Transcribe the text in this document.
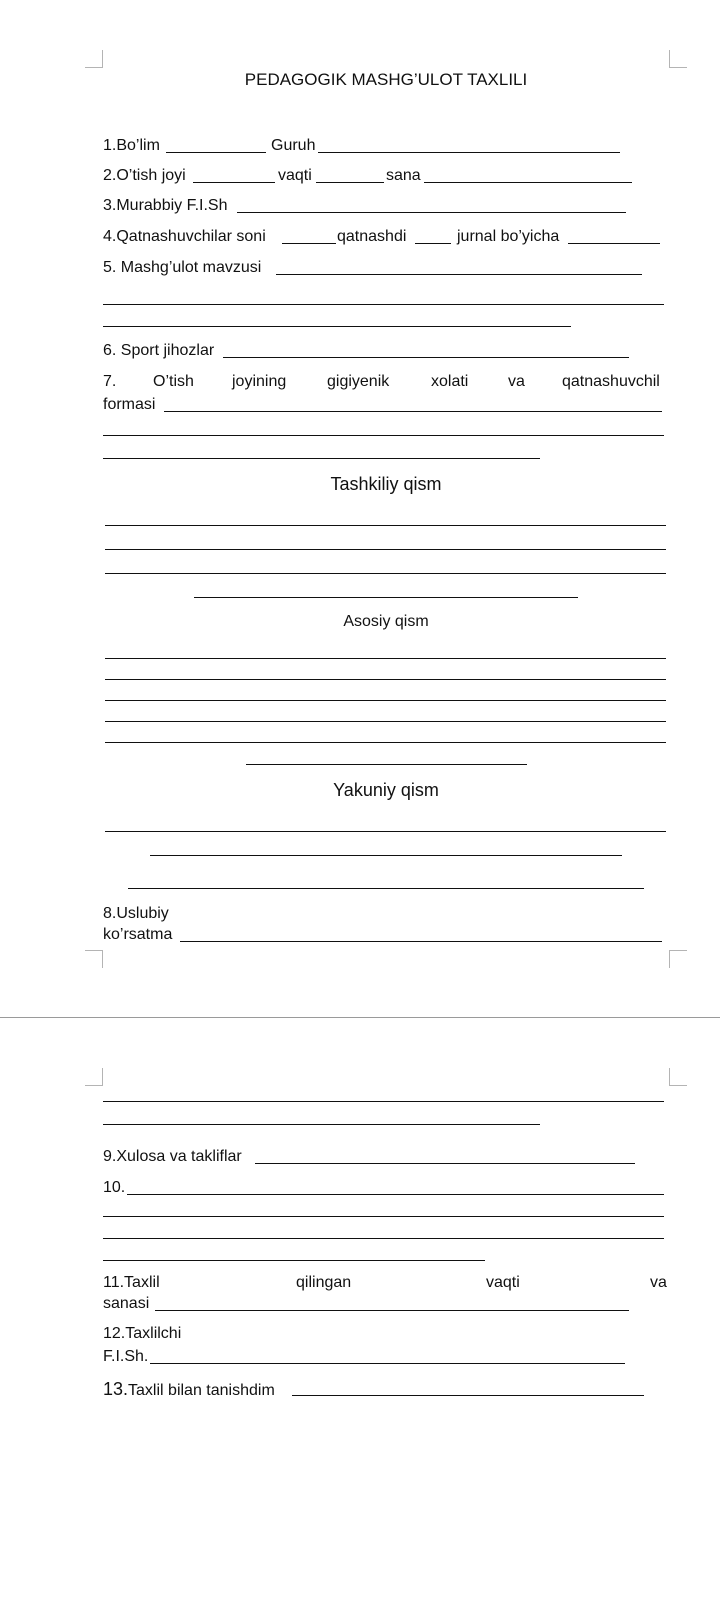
PEDAGOGIK MASHG’ULOT TAXLILI
1.Bo’lim	Guruh
2.O’tish joyi	vaqti	sana
3.Murabbiy F.I.Sh
4.Qatnashuvchilar soni	qatnashdi	jurnal bo’yicha
5. Mashg’ulot mavzusi
6. Sport jihozlar
7. O’tish joyining	gigiyenik	xolati va qatnashuvchil
formasi
Tashkiliy qism
Asosiy qism
Yakuniy qism
8.Uslubiy
ko’rsatma
9.Xulosa va takliflar
10.
11.Taxlil	qilingan	vaqti	va
sanasi
12.Taxlilchi
F.I.Sh.
13.Taxlil bilan tanishdim
